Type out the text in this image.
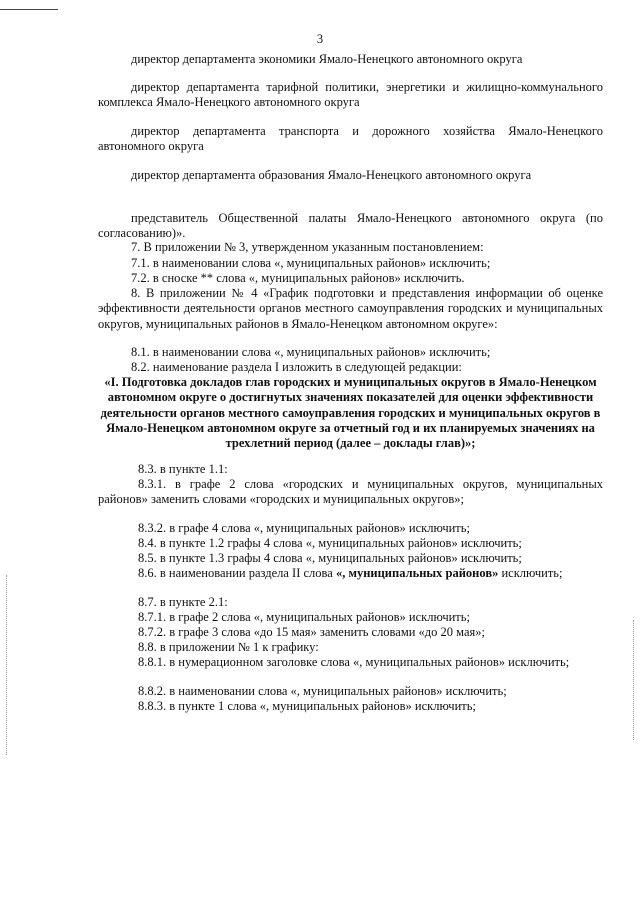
3
директор департамента экономики Ямало-Ненецкого автономного округа
директор департамента тарифной политики, энергетики и жилищно-коммунального комплекса Ямало-Ненецкого автономного округа
директор департамента транспорта и дорожного хозяйства Ямало-Ненецкого автономного округа
директор департамента образования Ямало-Ненецкого автономного округа
представитель Общественной палаты Ямало-Ненецкого автономного округа (по согласованию)».
7. В приложении № 3, утвержденном указанным постановлением:
7.1. в наименовании слова «, муниципальных районов» исключить;
7.2. в сноске ** слова «, муниципальных районов» исключить.
8. В приложении № 4 «График подготовки и представления информации об оценке эффективности деятельности органов местного самоуправления городских и муниципальных округов, муниципальных районов в Ямало-Ненецком автономном округе»:
8.1. в наименовании слова «, муниципальных районов» исключить;
8.2. наименование раздела I изложить в следующей редакции:
«I. Подготовка докладов глав городских и муниципальных округов в Ямало-Ненецком автономном округе о достигнутых значениях показателей для оценки эффективности деятельности органов местного самоуправления городских и муниципальных округов в Ямало-Ненецком автономном округе за отчетный год и их планируемых значениях на трехлетний период (далее – доклады глав)»;
8.3. в пункте 1.1:
8.3.1. в графе 2 слова «городских и муниципальных округов, муниципальных районов» заменить словами «городских и муниципальных округов»;
8.3.2. в графе 4 слова «, муниципальных районов» исключить;
8.4. в пункте 1.2 графы 4 слова «, муниципальных районов» исключить;
8.5. в пункте 1.3 графы 4 слова «, муниципальных районов» исключить;
8.6. в наименовании раздела II слова «, муниципальных районов» исключить;
8.7. в пункте 2.1:
8.7.1. в графе 2 слова «, муниципальных районов» исключить;
8.7.2. в графе 3 слова «до 15 мая» заменить словами «до 20 мая»;
8.8. в приложении № 1 к графику:
8.8.1. в нумерационном заголовке слова «, муниципальных районов» исключить;
8.8.2. в наименовании слова «, муниципальных районов» исключить;
8.8.3. в пункте 1 слова «, муниципальных районов» исключить;
